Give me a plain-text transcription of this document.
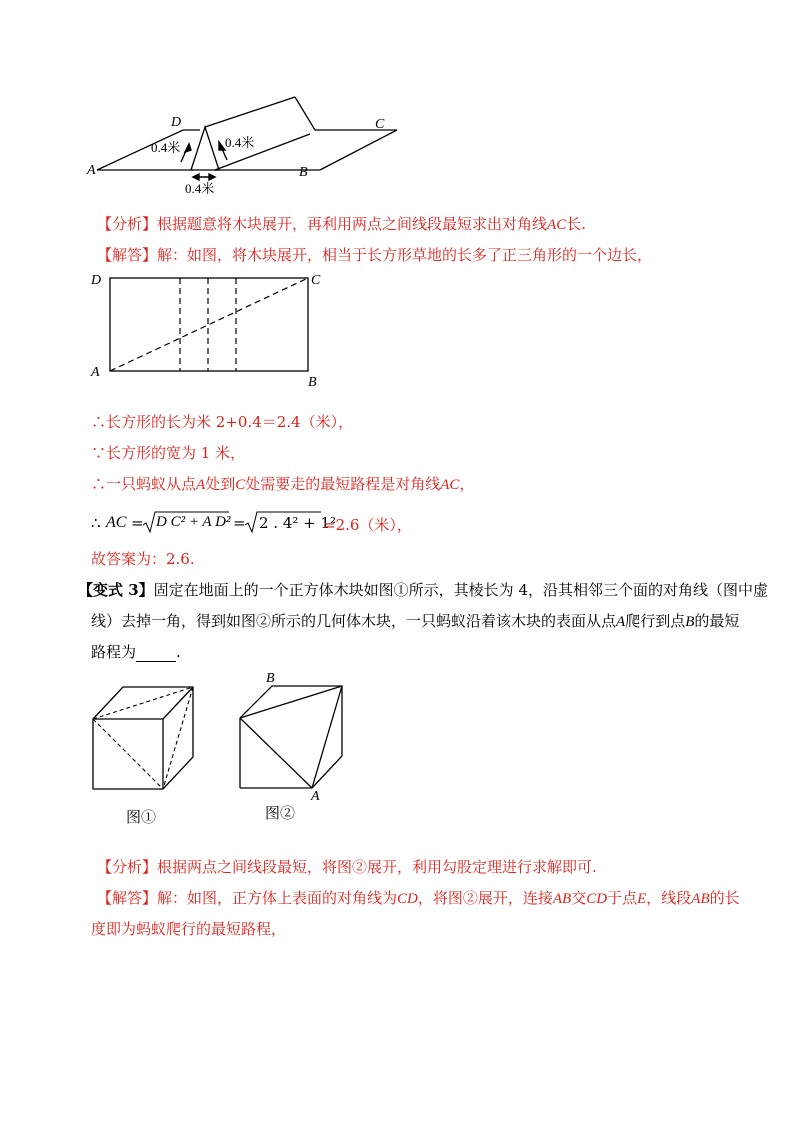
A
D
B
C
0.4米	0.4米
0.4米
【分析】根据题意将木块展开，再利用两点之间线段最短求出对角线AC长.
【解答】解：如图，将木块展开，相当于长方形草地的长多了正三角形的一个边长，
D	C
A
B
∴长方形的长为米 2+0.4＝2.4（米），
∵长方形的宽为 1 米，
∴一只蚂蚁从点A处到C处需要走的最短路程是对角线AC，
∴ AC = D C² + A D² = 2 . 4² + 1²
=2.6（米），
故答案为：2.6.
【变式 3】固定在地面上的一个正方体木块如图①所示，其棱长为 4，沿其相邻三个面的对角线（图中虚
线）去掉一角，得到如图②所示的几何体木块，一只蚂蚁沿着该木块的表面从点A爬行到点B的最短
路程为	.
图①
B
A
图②
【分析】根据两点之间线段最短，将图②展开，利用勾股定理进行求解即可.
【解答】解：如图，正方体上表面的对角线为CD，将图②展开，连接AB交CD于点E，线段AB的长
度即为蚂蚁爬行的最短路程，
